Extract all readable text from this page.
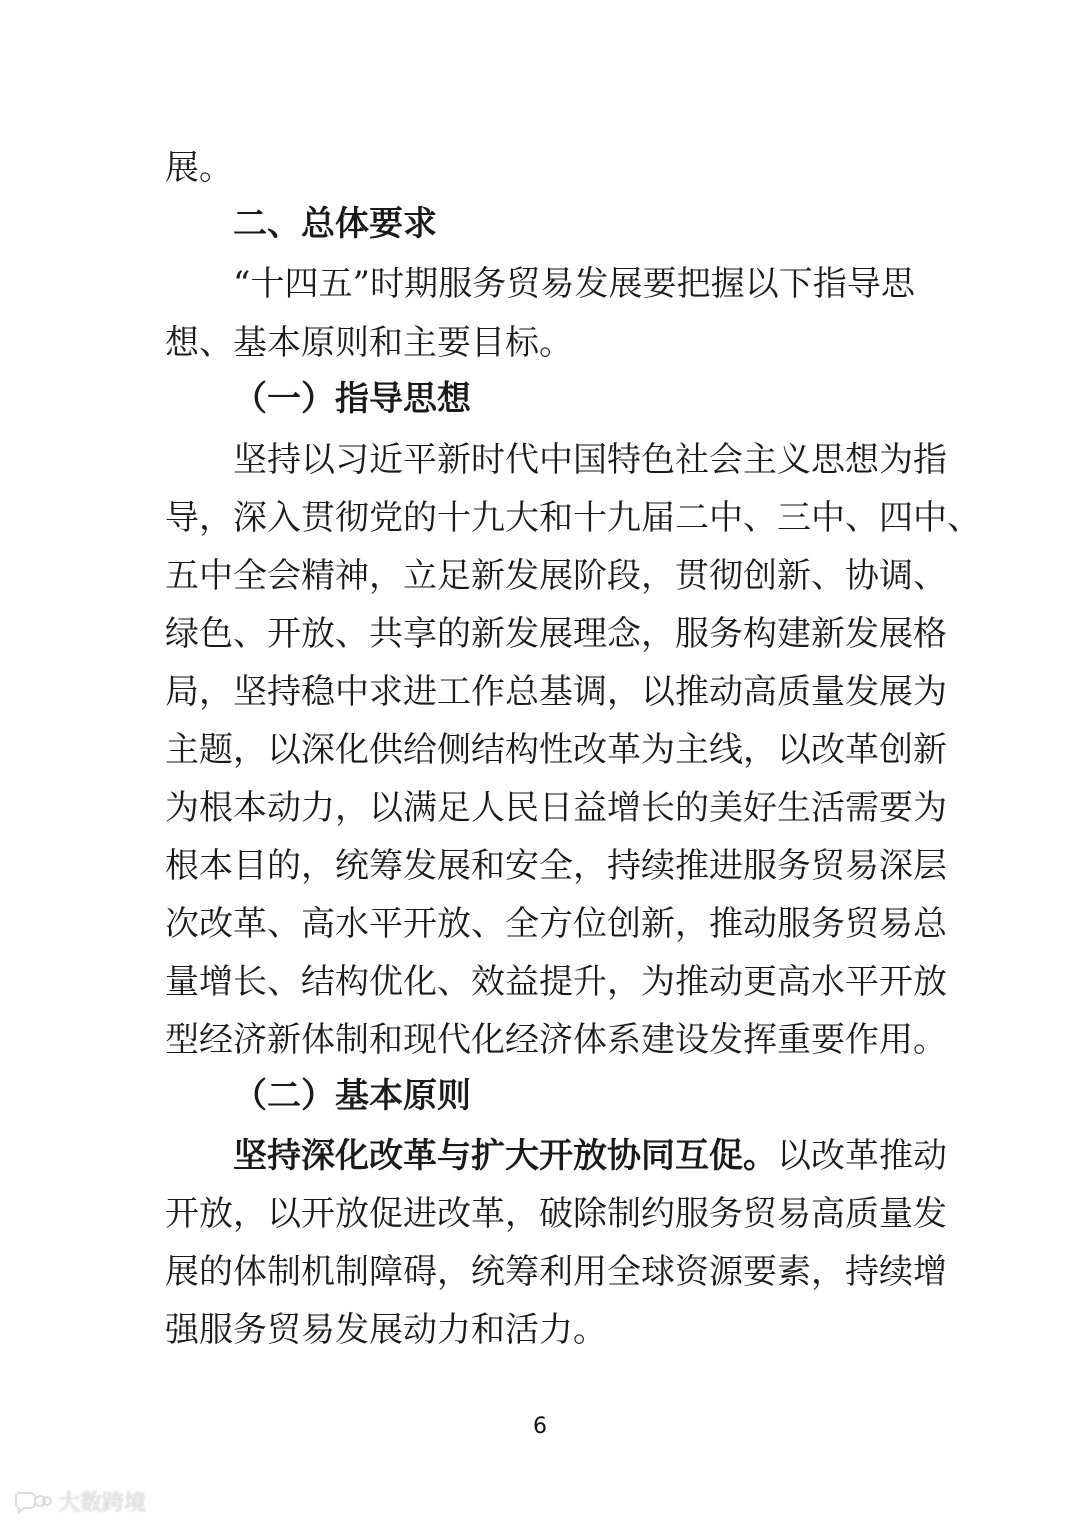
展。
二、总体要求
“十四五”时期服务贸易发展要把握以下指导思
想、基本原则和主要目标。
（一）指导思想
坚持以习近平新时代中国特色社会主义思想为指
导，深入贯彻党的十九大和十九届二中、三中、四中、
五中全会精神，立足新发展阶段，贯彻创新、协调、
绿色、开放、共享的新发展理念，服务构建新发展格
局，坚持稳中求进工作总基调，以推动高质量发展为
主题，以深化供给侧结构性改革为主线，以改革创新
为根本动力，以满足人民日益增长的美好生活需要为
根本目的，统筹发展和安全，持续推进服务贸易深层
次改革、高水平开放、全方位创新，推动服务贸易总
量增长、结构优化、效益提升，为推动更高水平开放
型经济新体制和现代化经济体系建设发挥重要作用。
（二）基本原则
坚持深化改革与扩大开放协同互促。以改革推动
开放，以开放促进改革，破除制约服务贸易高质量发
展的体制机制障碍，统筹利用全球资源要素，持续增
强服务贸易发展动力和活力。
6
大数跨境
